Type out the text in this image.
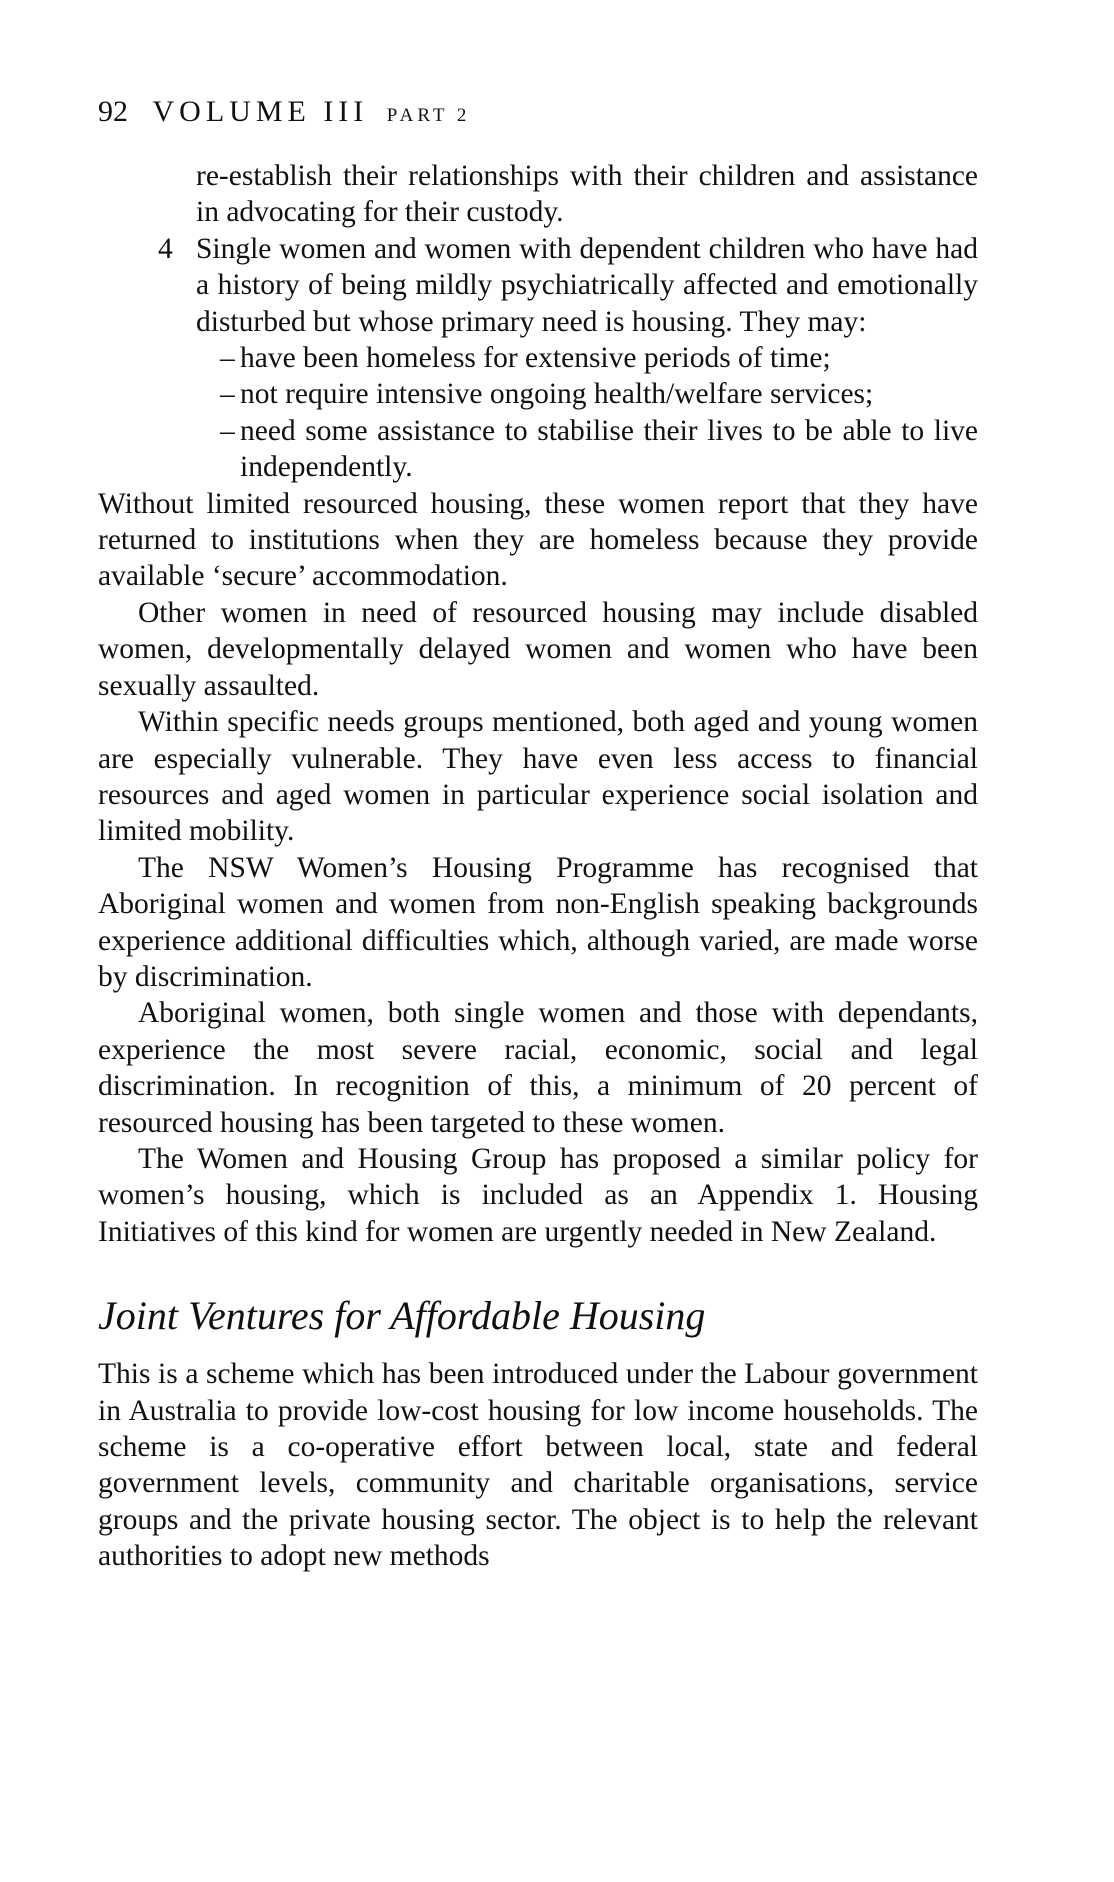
92 VOLUME III PART 2

re-establish their relationships with their children and assistance in advocating for their custody.

4 Single women and women with dependent children who have had a history of being mildly psychiatrically affected and emotionally disturbed but whose primary need is housing. They may:

– have been homeless for extensive periods of time;

– not require intensive ongoing health/welfare services;

– need some assistance to stabilise their lives to be able to live independently.

Without limited resourced housing, these women report that they have returned to institutions when they are homeless because they provide available ‘secure’ accommodation.

Other women in need of resourced housing may include disabled women, developmentally delayed women and women who have been sexually assaulted.

Within specific needs groups mentioned, both aged and young women are especially vulnerable. They have even less access to financial resources and aged women in particular experience social isolation and limited mobility.

The NSW Women’s Housing Programme has recognised that Aboriginal women and women from non-English speaking backgrounds experience additional difficulties which, although varied, are made worse by discrimination.

Aboriginal women, both single women and those with dependants, experience the most severe racial, economic, social and legal discrimination. In recognition of this, a minimum of 20 percent of resourced housing has been targeted to these women.

The Women and Housing Group has proposed a similar policy for women’s housing, which is included as an Appendix 1. Housing Initiatives of this kind for women are urgently needed in New Zealand.

Joint Ventures for Affordable Housing

This is a scheme which has been introduced under the Labour government in Australia to provide low-cost housing for low income households. The scheme is a co-operative effort between local, state and federal government levels, community and charitable organisations, service groups and the private housing sector. The object is to help the relevant authorities to adopt new methods
